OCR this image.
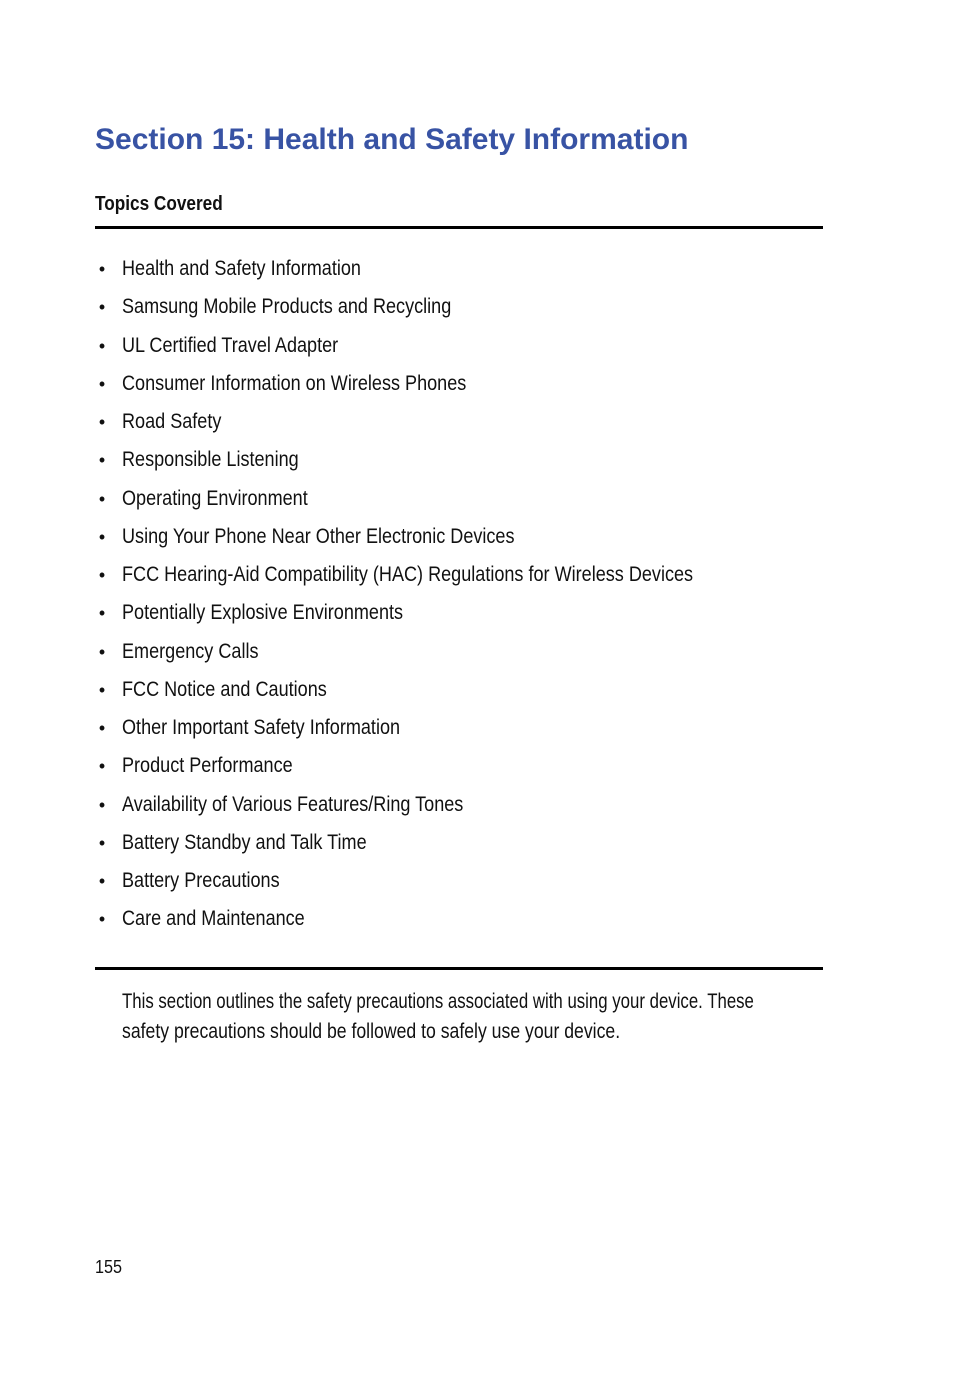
Section 15: Health and Safety Information
Topics Covered
• Health and Safety Information
• Samsung Mobile Products and Recycling
• UL Certified Travel Adapter
• Consumer Information on Wireless Phones
• Road Safety
• Responsible Listening
• Operating Environment
• Using Your Phone Near Other Electronic Devices
• FCC Hearing-Aid Compatibility (HAC) Regulations for Wireless Devices
• Potentially Explosive Environments
• Emergency Calls
• FCC Notice and Cautions
• Other Important Safety Information
• Product Performance
• Availability of Various Features/Ring Tones
• Battery Standby and Talk Time
• Battery Precautions
• Care and Maintenance

This section outlines the safety precautions associated with using your device. These
safety precautions should be followed to safely use your device.

155
